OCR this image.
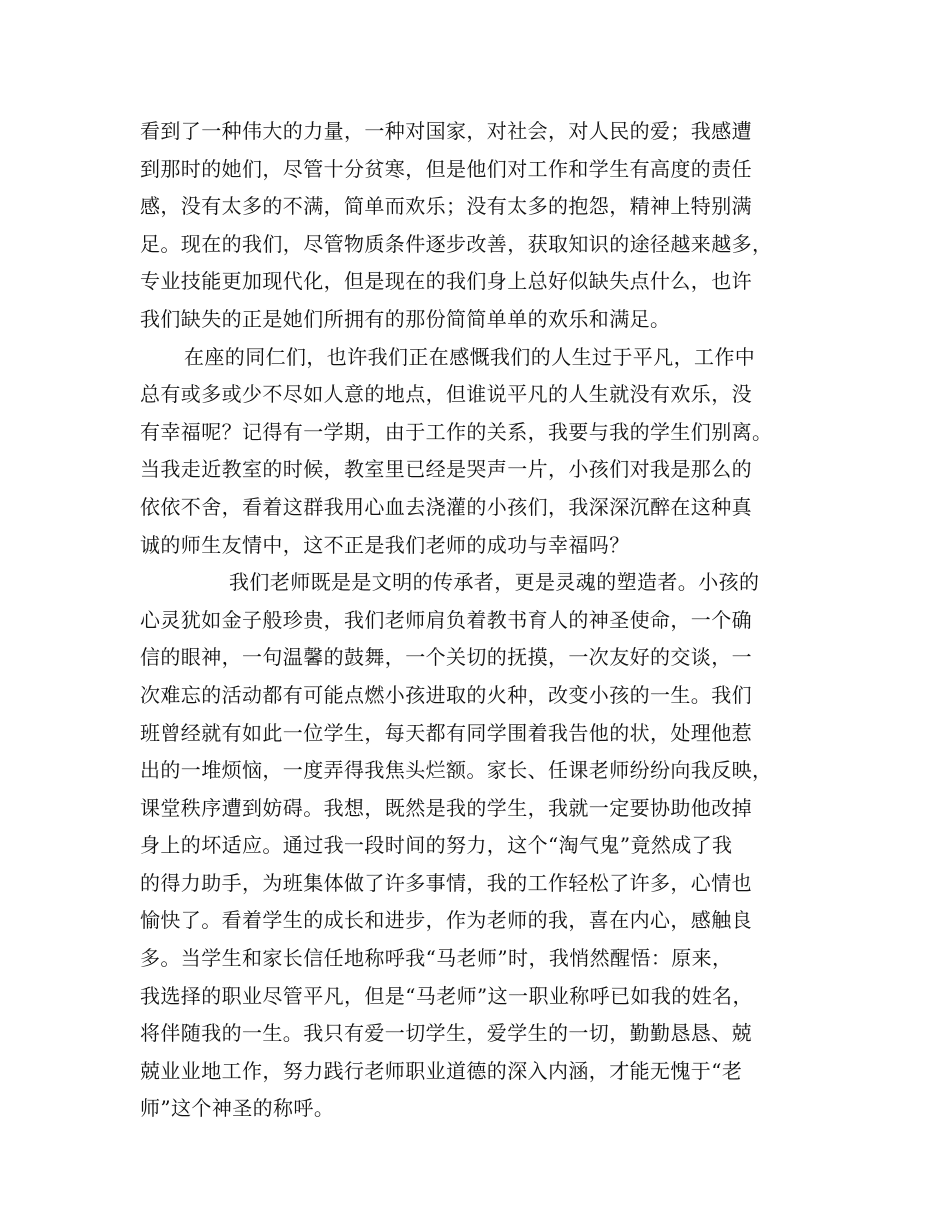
看到了一种伟大的力量，一种对国家，对社会，对人民的爱；我感遭
到那时的她们，尽管十分贫寒，但是他们对工作和学生有高度的责任
感，没有太多的不满，简单而欢乐；没有太多的抱怨，精神上特别满
足。现在的我们，尽管物质条件逐步改善，获取知识的途径越来越多，
专业技能更加现代化，但是现在的我们身上总好似缺失点什么，也许
我们缺失的正是她们所拥有的那份简简单单的欢乐和满足。
在座的同仁们，也许我们正在感慨我们的人生过于平凡，工作中
总有或多或少不尽如人意的地点，但谁说平凡的人生就没有欢乐，没
有幸福呢？记得有一学期，由于工作的关系，我要与我的学生们别离。
当我走近教室的时候，教室里已经是哭声一片，小孩们对我是那么的
依依不舍，看着这群我用心血去浇灌的小孩们，我深深沉醉在这种真
诚的师生友情中，这不正是我们老师的成功与幸福吗？
我们老师既是是文明的传承者，更是灵魂的塑造者。小孩的
心灵犹如金子般珍贵，我们老师肩负着教书育人的神圣使命，一个确
信的眼神，一句温馨的鼓舞，一个关切的抚摸，一次友好的交谈，一
次难忘的活动都有可能点燃小孩进取的火种，改变小孩的一生。我们
班曾经就有如此一位学生，每天都有同学围着我告他的状，处理他惹
出的一堆烦恼，一度弄得我焦头烂额。家长、任课老师纷纷向我反映，
课堂秩序遭到妨碍。我想，既然是我的学生，我就一定要协助他改掉
身上的坏适应。通过我一段时间的努力，这个“淘气鬼”竟然成了我
的得力助手，为班集体做了许多事情，我的工作轻松了许多，心情也
愉快了。看着学生的成长和进步，作为老师的我，喜在内心，感触良
多。当学生和家长信任地称呼我“马老师”时，我悄然醒悟：原来，
我选择的职业尽管平凡，但是“马老师”这一职业称呼已如我的姓名，
将伴随我的一生。我只有爱一切学生，爱学生的一切，勤勤恳恳、兢
兢业业地工作，努力践行老师职业道德的深入内涵，才能无愧于“老
师”这个神圣的称呼。
